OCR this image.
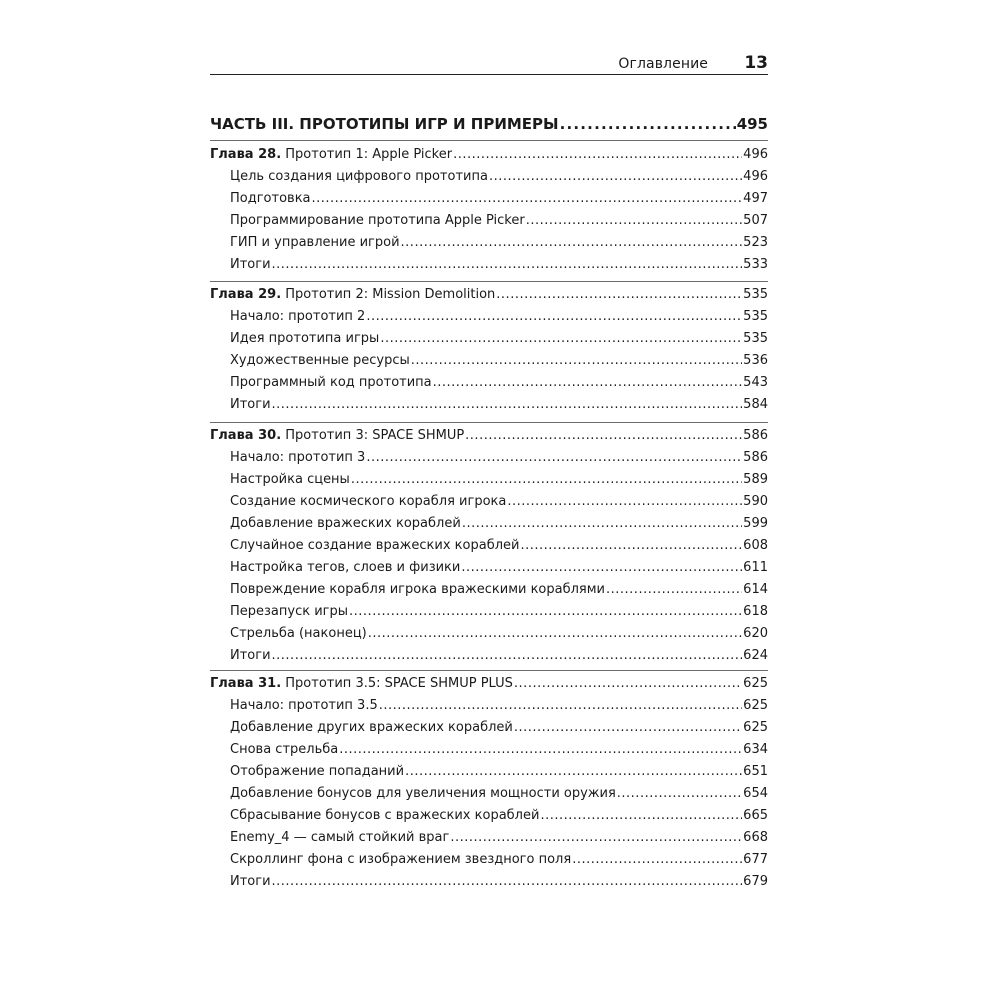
Оглавление 13
ЧАСТЬ III. ПРОТОТИПЫ ИГР И ПРИМЕРЫ .....	495
Глава 28. Прототип 1: Apple Picker .....	496
Цель создания цифрового прототипа .....	496
Подготовка .....	497
Программирование прототипа Apple Picker .....	507
ГИП и управление игрой .....	523
Итоги .....	533
Глава 29. Прототип 2: Mission Demolition .....	535
Начало: прототип 2 .....	535
Идея прототипа игры .....	535
Художественные ресурсы .....	536
Программный код прототипа .....	543
Итоги .....	584
Глава 30. Прототип 3: SPACE SHMUP .....	586
Начало: прототип 3 .....	586
Настройка сцены .....	589
Создание космического корабля игрока .....	590
Добавление вражеских кораблей .....	599
Случайное создание вражеских кораблей .....	608
Настройка тегов, слоев и физики .....	611
Повреждение корабля игрока вражескими кораблями .....	614
Перезапуск игры .....	618
Стрельба (наконец) .....	620
Итоги .....	624
Глава 31. Прототип 3.5: SPACE SHMUP PLUS .....	625
Начало: прототип 3.5 .....	625
Добавление других вражеских кораблей .....	625
Снова стрельба .....	634
Отображение попаданий .....	651
Добавление бонусов для увеличения мощности оружия .....	654
Сбрасывание бонусов с вражеских кораблей .....	665
Enemy_4 — самый стойкий враг .....	668
Скроллинг фона с изображением звездного поля .....	677
Итоги .....	679
